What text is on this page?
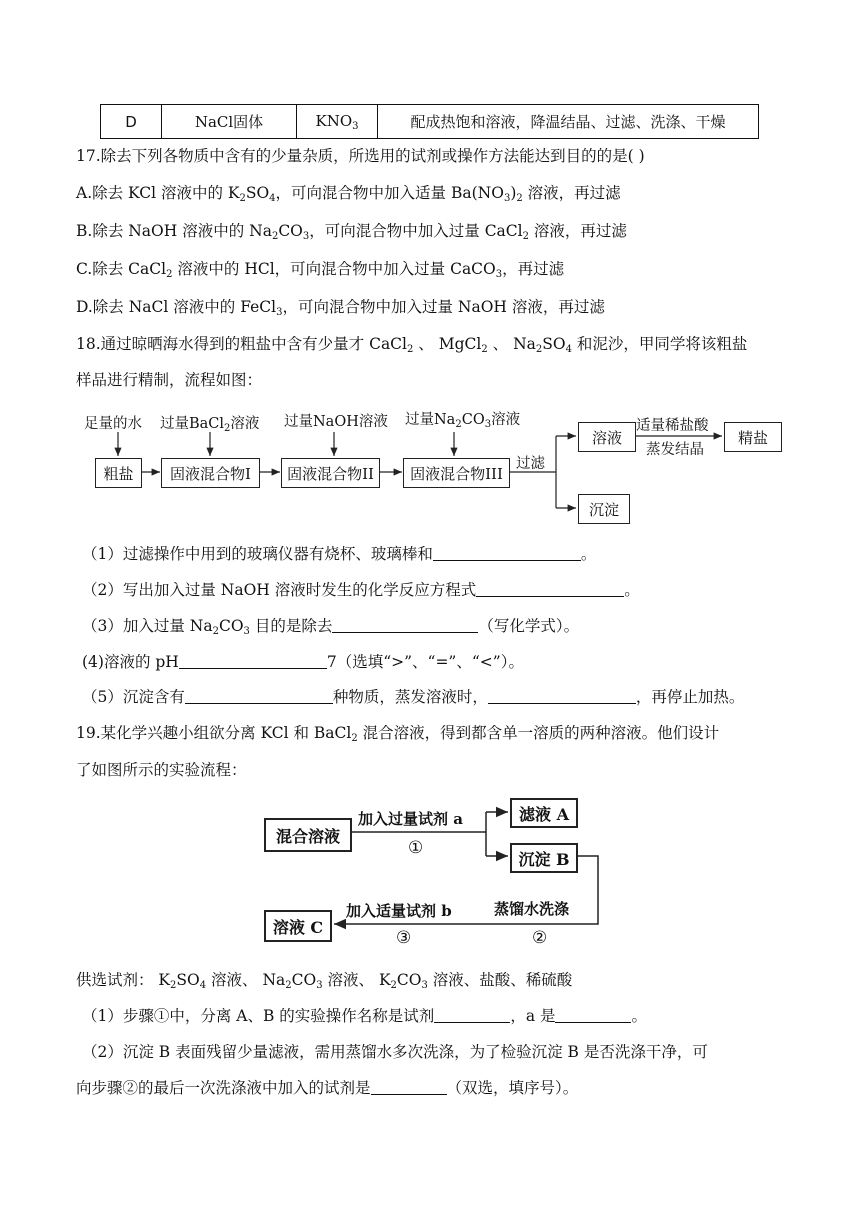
D	NaCl固体	$KNO_3$	配成热饱和溶液，降温结晶、过滤、洗涤、干燥
17.除去下列各物质中含有的少量杂质，所选用的试剂或操作方法能达到目的的是( )
A.除去 KCl 溶液中的 $K_2SO_4$，可向混合物中加入适量 $Ba(NO_3)_2$ 溶液，再过滤
B.除去 NaOH 溶液中的 $Na_2CO_3$，可向混合物中加入过量 CaCl$_2$ 溶液，再过滤
C.除去 CaCl$_2$ 溶液中的 HCl，可向混合物中加入过量 CaCO$_3$，再过滤
D.除去 NaCl 溶液中的 FeCl$_3$，可向混合物中加入过量 NaOH 溶液，再过滤
18.通过晾晒海水得到的粗盐中含有少量才 CaCl$_2$ 、 MgCl$_2$ 、 $Na_2SO_4$ 和泥沙，甲同学将该粗盐
样品进行精制，流程如图：
足量的水 过量BaCl$_2$溶液 过量NaOH溶液 过量$Na_2CO_3$溶液
粗盐	固液混合物I	固液混合物II	固液混合物III
过滤
溶液
沉淀
适量稀盐酸
蒸发结晶
精盐
（1）过滤操作中用到的玻璃仪器有烧杯、玻璃棒和	。
（2）写出加入过量 NaOH 溶液时发生的化学反应方程式	。
（3）加入过量 $Na_2CO_3$ 目的是除去	（写化学式）。
(4)溶液的 pH	7（选填“>”、“=”、“<”）。
（5）沉淀含有	种物质，蒸发溶液时，	，再停止加热。
19.某化学兴趣小组欲分离 KCl 和 BaCl$_2$ 混合溶液，得到都含单一溶质的两种溶液。他们设计
了如图所示的实验流程：
混合溶液
加入过量试剂 a
①
滤液 A
沉淀 B
蒸馏水洗涤
②
加入适量试剂 b
③
溶液 C
供选试剂： $K_2SO_4$ 溶液、 $Na_2CO_3$ 溶液、 $K_2CO_3$ 溶液、盐酸、稀硫酸
（1）步骤①中，分离 A、B 的实验操作名称是试剂	，a 是	。
（2）沉淀 B 表面残留少量滤液，需用蒸馏水多次洗涤，为了检验沉淀 B 是否洗涤干净，可
向步骤②的最后一次洗涤液中加入的试剂是	（双选，填序号）。
